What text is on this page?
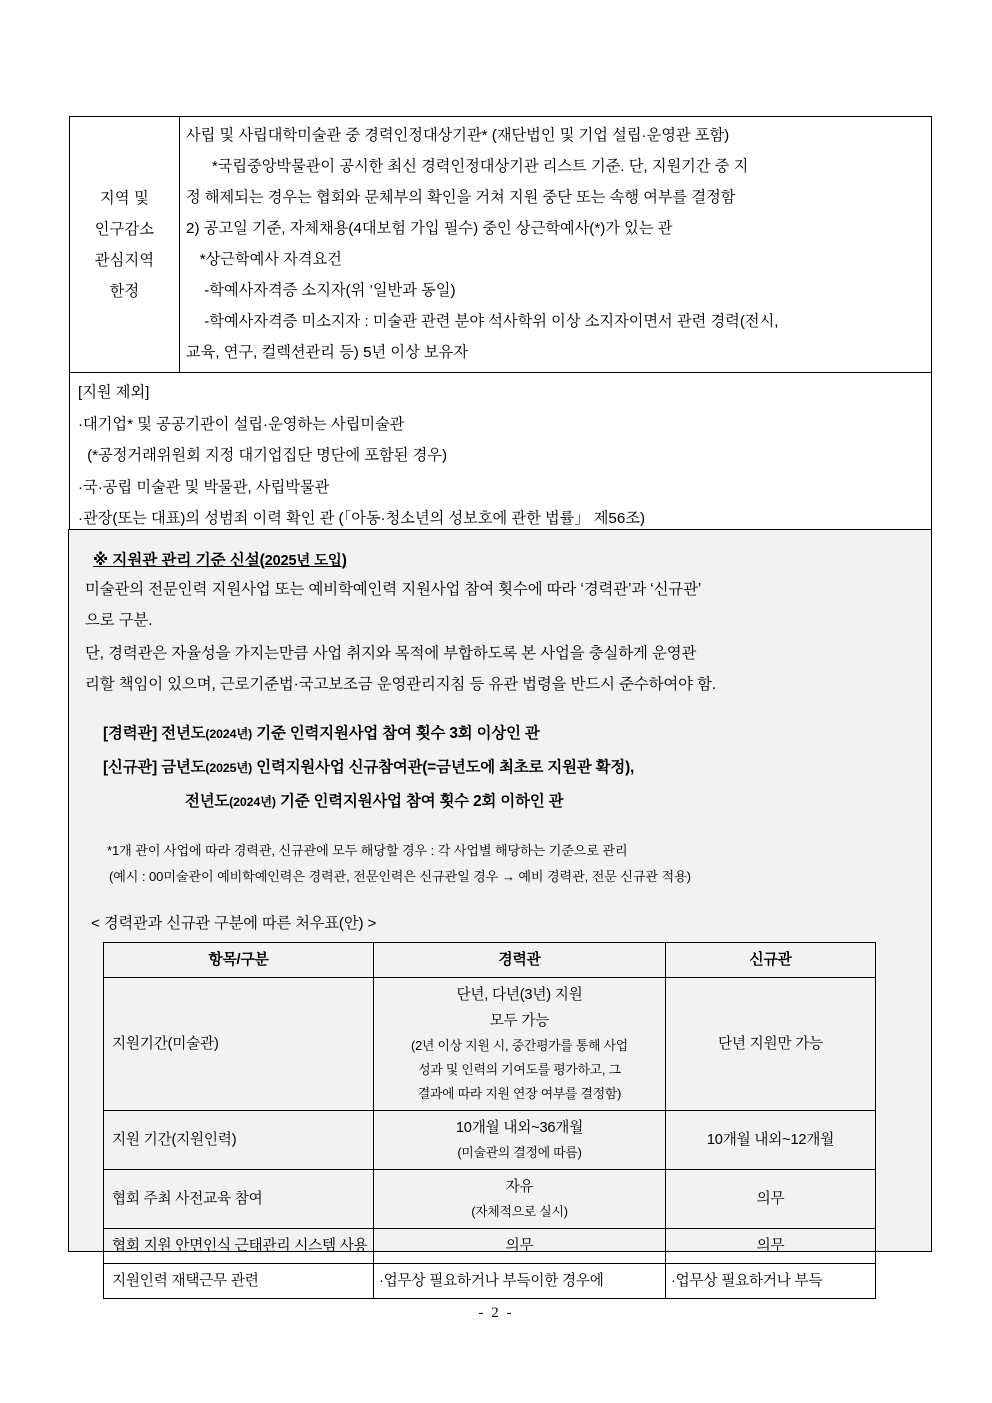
지역 및
인구감소
관심지역
한정

사립 및 사립대학미술관 중 경력인정대상기관* (재단법인 및 기업 설립·운영관 포함)
*국립중앙박물관이 공시한 최신 경력인정대상기관 리스트 기준. 단, 지원기간 중 지
정 해제되는 경우는 협회와 문체부의 확인을 거쳐 지원 중단 또는 속행 여부를 결정함
2) 공고일 기준, 자체채용(4대보험 가입 필수) 중인 상근학예사(*)가 있는 관
*상근학예사 자격요건
-학예사자격증 소지자(위 ’일반과 동일)
-학예사자격증 미소지자 : 미술관 관련 분야 석사학위 이상 소지자이면서 관련 경력(전시,
교육, 연구, 컬렉션관리 등) 5년 이상 보유자

[지원 제외]
·대기업* 및 공공기관이 설립·운영하는 사립미술관
(*공정거래위원회 지정 대기업집단 명단에 포함된 경우)
·국·공립 미술관 및 박물관, 사립박물관
·관장(또는 대표)의 성범죄 이력 확인 관 (「아동·청소년의 성보호에 관한 법률」 제56조)
※ 지원관 관리 기준 신설(2025년 도입)

미술관의 전문인력 지원사업 또는 예비학예인력 지원사업 참여 횟수에 따라 ‘경력관’과 ‘신규관’
으로 구분.

단, 경력관은 자율성을 가지는만큼 사업 취지와 목적에 부합하도록 본 사업을 충실하게 운영관
리할 책임이 있으며, 근로기준법·국고보조금 운영관리지침 등 유관 법령을 반드시 준수하여야 함.

[경력관] 전년도(2024년) 기준 인력지원사업 참여 횟수 3회 이상인 관

[신규관] 금년도(2025년) 인력지원사업 신규참여관(=금년도에 최초로 지원관 확정),

전년도(2024년) 기준 인력지원사업 참여 횟수 2회 이하인 관

*1개 관이 사업에 따라 경력관, 신규관에 모두 해당할 경우 : 각 사업별 해당하는 기준으로 관리

(예시 : 00미술관이 예비학예인력은 경력관, 전문인력은 신규관일 경우 → 예비 경력관, 전문 신규관 적용)

< 경력관과 신규관 구분에 따른 처우표(안) >
항목/구분	경력관	신규관
지원기간(미술관)	단년, 다년(3년) 지원
모두 가능
(2년 이상 지원 시, 중간평가를 통해 사업
성과 및 인력의 기여도를 평가하고, 그
결과에 따라 지원 연장 여부를 결정함)	단년 지원만 가능

지원 기간(지원인력)	10개월 내외~36개월
(미술관의 결정에 따름)	10개월 내외~12개월

협회 주최 사전교육 참여	자유
(자체적으로 실시)	의무

협회 지원 안면인식 근태관리 시스템 사용	의무	의무

지원인력 재택근무 관련	·업무상 필요하거나 부득이한 경우에	·업무상 필요하거나 부득
- 2 -
